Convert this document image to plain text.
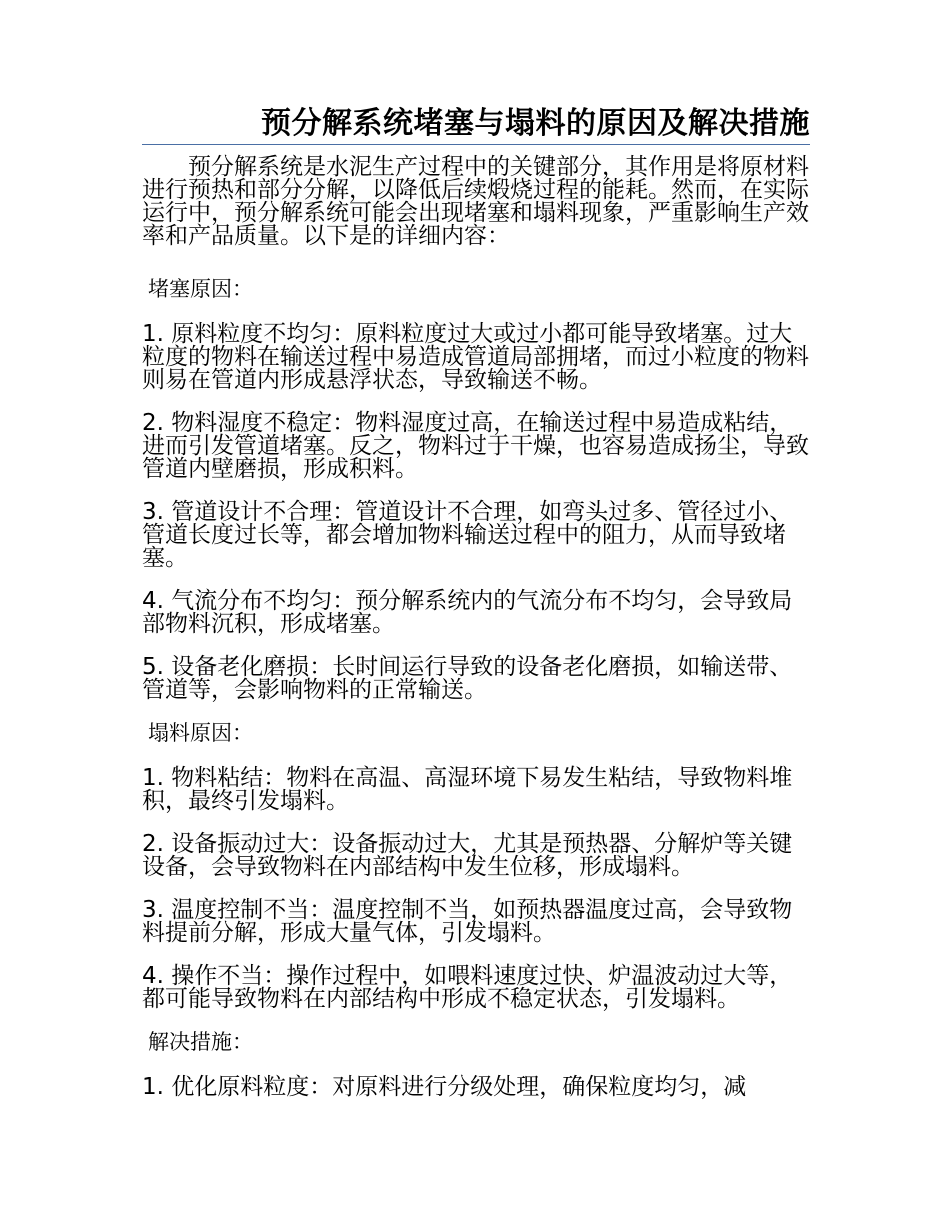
预分解系统堵塞与塌料的原因及解决措施

预分解系统是水泥生产过程中的关键部分，其作用是将原材料进行预热和部分分解，以降低后续煅烧过程的能耗。然而，在实际运行中，预分解系统可能会出现堵塞和塌料现象，严重影响生产效率和产品质量。以下是的详细内容：

堵塞原因：

1. 原料粒度不均匀：原料粒度过大或过小都可能导致堵塞。过大粒度的物料在输送过程中易造成管道局部拥堵，而过小粒度的物料则易在管道内形成悬浮状态，导致输送不畅。

2. 物料湿度不稳定：物料湿度过高，在输送过程中易造成粘结，进而引发管道堵塞。反之，物料过于干燥，也容易造成扬尘，导致管道内壁磨损，形成积料。

3. 管道设计不合理：管道设计不合理，如弯头过多、管径过小、管道长度过长等，都会增加物料输送过程中的阻力，从而导致堵塞。

4. 气流分布不均匀：预分解系统内的气流分布不均匀，会导致局部物料沉积，形成堵塞。

5. 设备老化磨损：长时间运行导致的设备老化磨损，如输送带、管道等，会影响物料的正常输送。

塌料原因：

1. 物料粘结：物料在高温、高湿环境下易发生粘结，导致物料堆积，最终引发塌料。

2. 设备振动过大：设备振动过大，尤其是预热器、分解炉等关键设备，会导致物料在内部结构中发生位移，形成塌料。

3. 温度控制不当：温度控制不当，如预热器温度过高，会导致物料提前分解，形成大量气体，引发塌料。

4. 操作不当：操作过程中，如喂料速度过快、炉温波动过大等，都可能导致物料在内部结构中形成不稳定状态，引发塌料。

解决措施：

1. 优化原料粒度：对原料进行分级处理，确保粒度均匀，减
